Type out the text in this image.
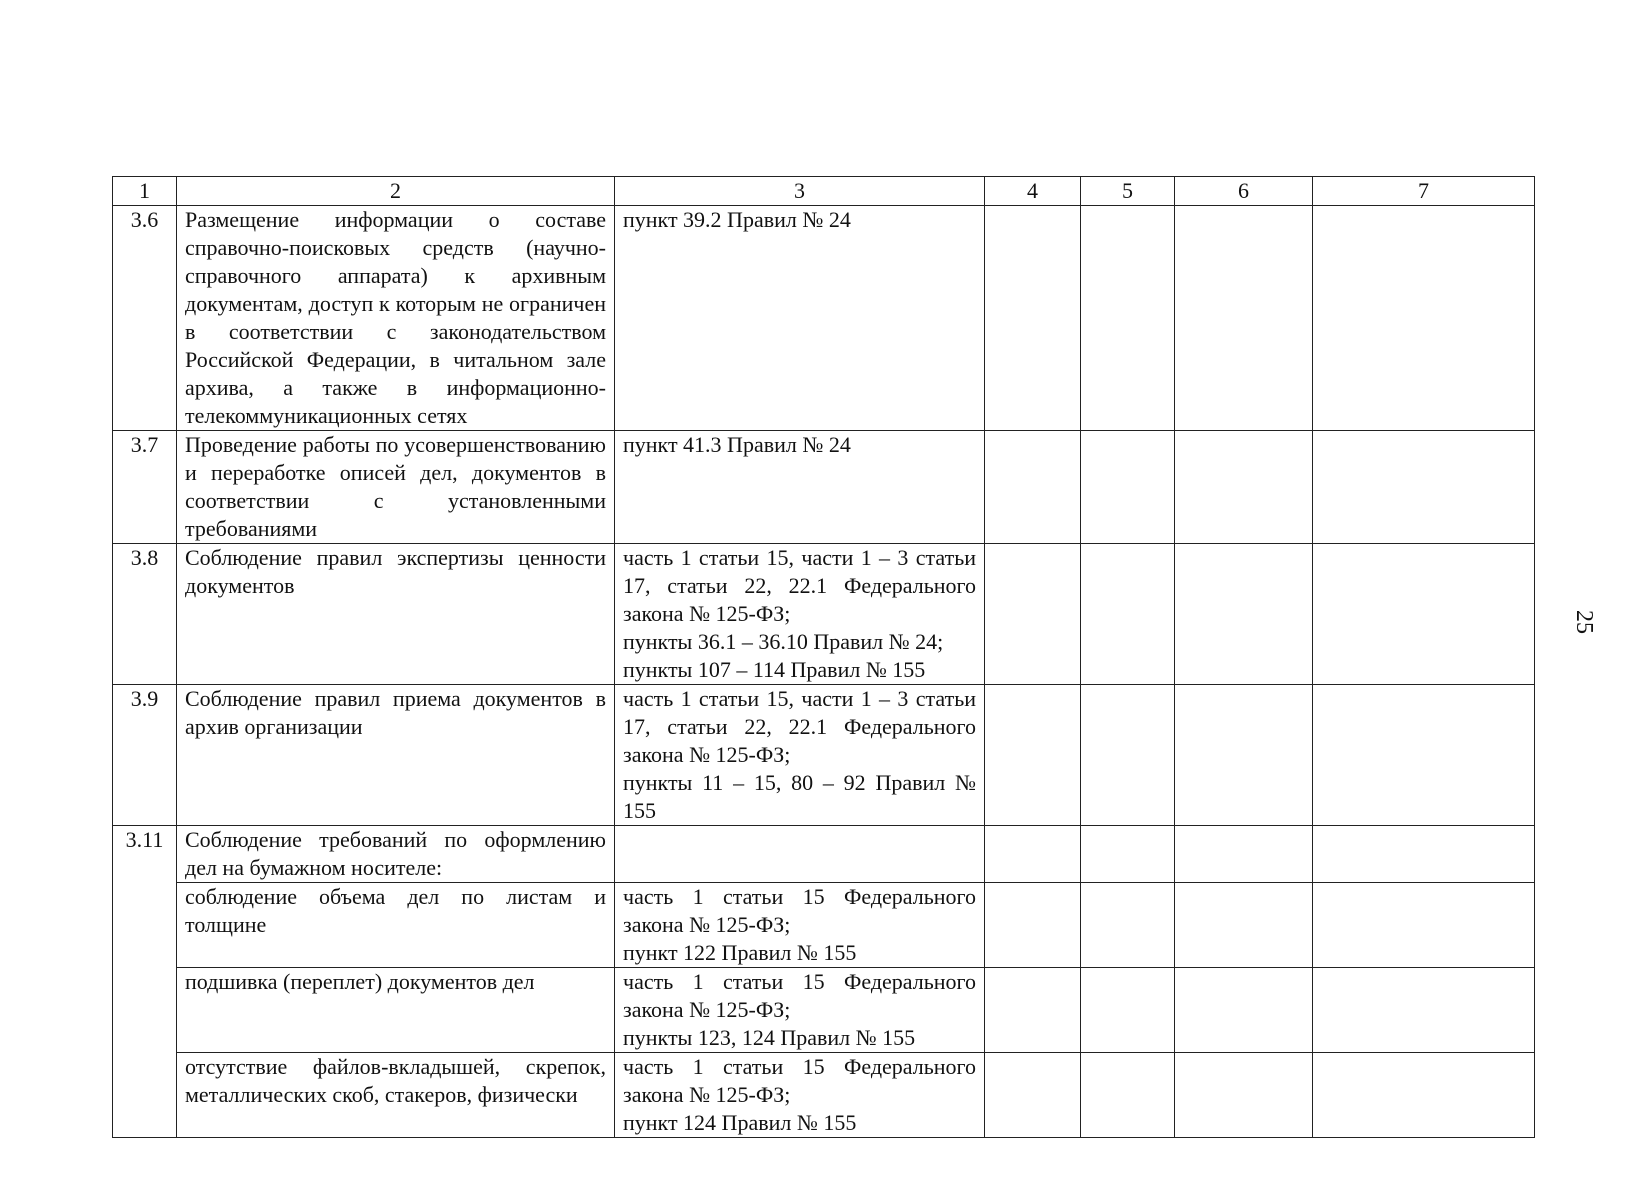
1	2	3	4	5	6	7
3.6	Размещение информации о составе справочно-поисковых средств (научно-справочного аппарата) к архивным документам, доступ к которым не ограничен в соответствии с законодательством Российской Федерации, в читальном зале архива, а также в информационно-телекоммуникационных сетях	пункт 39.2 Правил № 24				
3.7	Проведение работы по усовершенствованию и переработке описей дел, документов в соответствии с установленными требованиями	пункт 41.3 Правил № 24				
3.8	Соблюдение правил экспертизы ценности документов	часть 1 статьи 15, части 1 – 3 статьи 17, статьи 22, 22.1 Федерального закона № 125-ФЗ;
пункты 36.1 – 36.10 Правил № 24;
пункты 107 – 114 Правил № 155				

3.9	Соблюдение правил приема документов в архив организации	часть 1 статьи 15, части 1 – 3 статьи 17, статьи 22, 22.1 Федерального закона № 125-ФЗ;
пункты 11 – 15, 80 – 92 Правил № 155				

3.11	Соблюдение требований по оформлению дел на бумажном носителе:					
	соблюдение объема дел по листам и толщине	часть 1 статьи 15 Федерального закона № 125-ФЗ;
пункт 122 Правил № 155				

	подшивка (переплет) документов дел	часть 1 статьи 15 Федерального закона № 125-ФЗ;
пункты 123, 124 Правил № 155				

	отсутствие файлов-вкладышей, скрепок, металлических скоб, стакеров, физически	часть 1 статьи 15 Федерального закона № 125-ФЗ;
пункт 124 Правил № 155				

25
